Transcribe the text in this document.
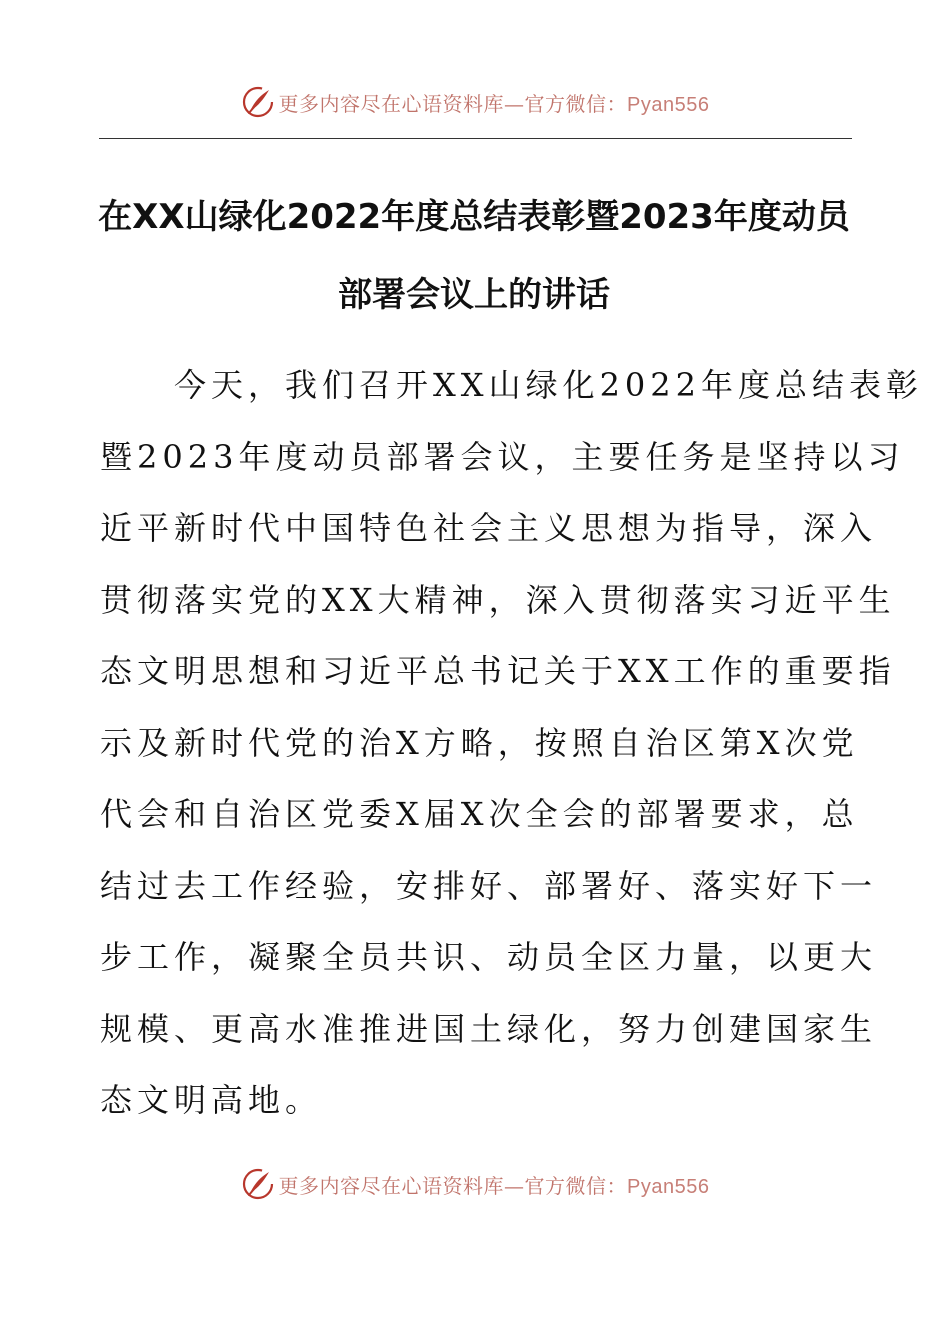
更多内容尽在心语资料库—官方微信：Pyan556
在XX山绿化2022年度总结表彰暨2023年度动员
部署会议上的讲话
　　今天，我们召开XX山绿化2022年度总结表彰
暨2023年度动员部署会议，主要任务是坚持以习
近平新时代中国特色社会主义思想为指导，深入
贯彻落实党的XX大精神，深入贯彻落实习近平生
态文明思想和习近平总书记关于XX工作的重要指
示及新时代党的治X方略，按照自治区第X次党
代会和自治区党委X届X次全会的部署要求，总
结过去工作经验，安排好、部署好、落实好下一
步工作，凝聚全员共识、动员全区力量，以更大
规模、更高水准推进国土绿化，努力创建国家生
态文明高地。
更多内容尽在心语资料库—官方微信：Pyan556
